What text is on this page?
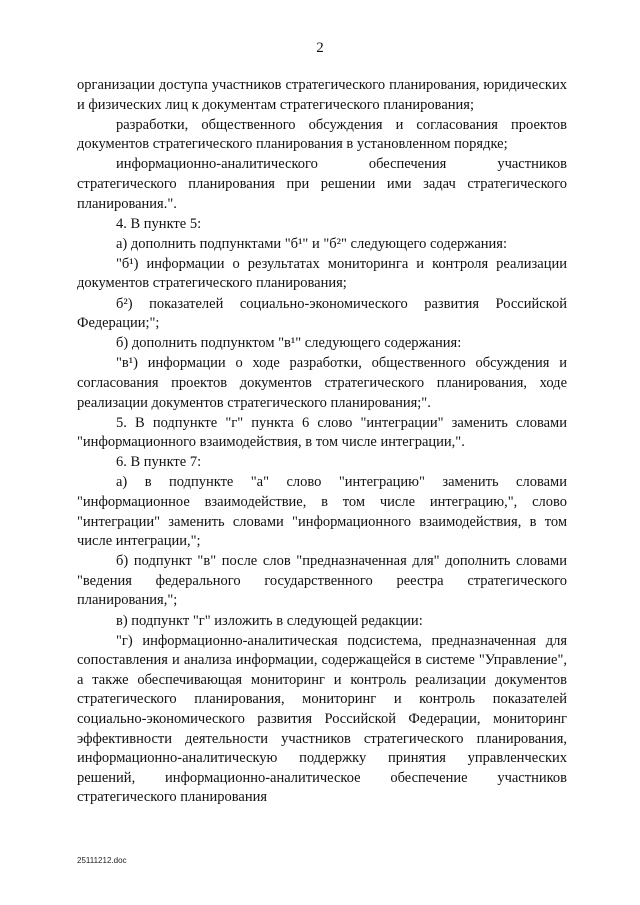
2

организации доступа участников стратегического планирования, юридических и физических лиц к документам стратегического планирования;

разработки, общественного обсуждения и согласования проектов документов стратегического планирования в установленном порядке;

информационно-аналитического обеспечения участников стратегического планирования при решении ими задач стратегического планирования.".

4. В пункте 5:

а) дополнить подпунктами "б¹" и "б²" следующего содержания:

"б¹) информации о результатах мониторинга и контроля реализации документов стратегического планирования;

б²) показателей социально-экономического развития Российской Федерации;";

б) дополнить подпунктом "в¹" следующего содержания:

"в¹) информации о ходе разработки, общественного обсуждения и согласования проектов документов стратегического планирования, ходе реализации документов стратегического планирования;".

5. В подпункте "г" пункта 6 слово "интеграции" заменить словами "информационного взаимодействия, в том числе интеграции,".

6. В пункте 7:

а) в подпункте "а" слово "интеграцию" заменить словами "информационное взаимодействие, в том числе интеграцию,", слово "интеграции" заменить словами "информационного взаимодействия, в том числе интеграции,";

б) подпункт "в" после слов "предназначенная для" дополнить словами "ведения федерального государственного реестра стратегического планирования,";

в) подпункт "г" изложить в следующей редакции:

"г) информационно-аналитическая подсистема, предназначенная для сопоставления и анализа информации, содержащейся в системе "Управление", а также обеспечивающая мониторинг и контроль реализации документов стратегического планирования, мониторинг и контроль показателей социально-экономического развития Российской Федерации, мониторинг эффективности деятельности участников стратегического планирования, информационно-аналитическую поддержку принятия управленческих решений, информационно-аналитическое обеспечение участников стратегического планирования

25111212.doc
